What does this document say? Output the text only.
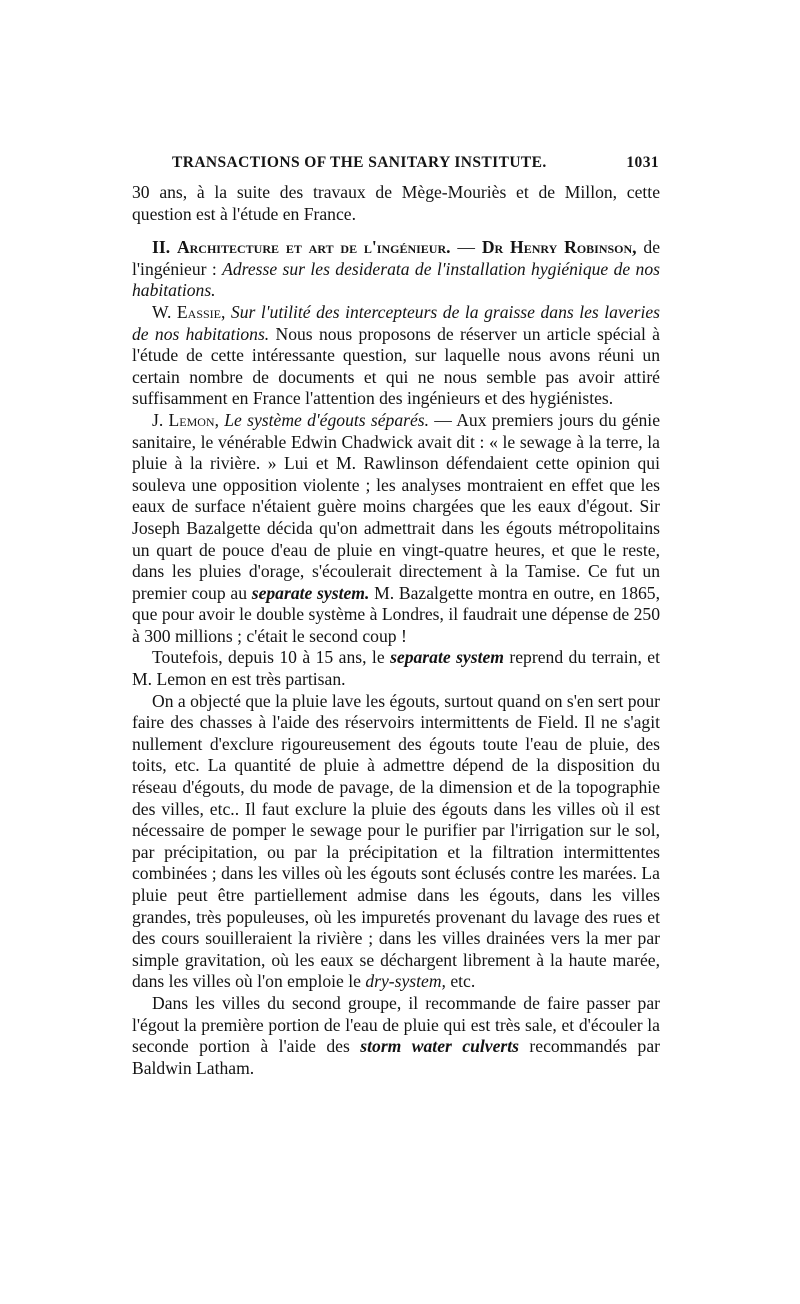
TRANSACTIONS OF THE SANITARY INSTITUTE.	1031

30 ans, à la suite des travaux de Mège-Mouriès et de Millon, cette question est à l'étude en France.

II. Architecture et art de l'ingénieur. — Dr Henry Robinson, de l'ingénieur : Adresse sur les desiderata de l'installation hygiénique de nos habitations.

W. Eassie, Sur l'utilité des intercepteurs de la graisse dans les laveries de nos habitations. Nous nous proposons de réserver un article spécial à l'étude de cette intéressante question, sur laquelle nous avons réuni un certain nombre de documents et qui ne nous semble pas avoir attiré suffisamment en France l'attention des ingénieurs et des hygiénistes.

J. Lemon, Le système d'égouts séparés. — Aux premiers jours du génie sanitaire, le vénérable Edwin Chadwick avait dit : « le sewage à la terre, la pluie à la rivière. » Lui et M. Rawlinson défendaient cette opinion qui souleva une opposition violente ; les analyses montraient en effet que les eaux de surface n'étaient guère moins chargées que les eaux d'égout. Sir Joseph Bazalgette décida qu'on admettrait dans les égouts métropolitains un quart de pouce d'eau de pluie en vingt-quatre heures, et que le reste, dans les pluies d'orage, s'écoulerait directement à la Tamise. Ce fut un premier coup au separate system. M. Bazalgette montra en outre, en 1865, que pour avoir le double système à Londres, il faudrait une dépense de 250 à 300 millions ; c'était le second coup !

Toutefois, depuis 10 à 15 ans, le separate system reprend du terrain, et M. Lemon en est très partisan.

On a objecté que la pluie lave les égouts, surtout quand on s'en sert pour faire des chasses à l'aide des réservoirs intermittents de Field. Il ne s'agit nullement d'exclure rigoureusement des égouts toute l'eau de pluie, des toits, etc. La quantité de pluie à admettre dépend de la disposition du réseau d'égouts, du mode de pavage, de la dimension et de la topographie des villes, etc.. Il faut exclure la pluie des égouts dans les villes où il est nécessaire de pomper le sewage pour le purifier par l'irrigation sur le sol, par précipitation, ou par la précipitation et la filtration intermittentes combinées ; dans les villes où les égouts sont éclusés contre les marées. La pluie peut être partiellement admise dans les égouts, dans les villes grandes, très populeuses, où les impuretés provenant du lavage des rues et des cours souilleraient la rivière ; dans les villes drainées vers la mer par simple gravitation, où les eaux se déchargent librement à la haute marée, dans les villes où l'on emploie le dry-system, etc.

Dans les villes du second groupe, il recommande de faire passer par l'égout la première portion de l'eau de pluie qui est très sale, et d'écouler la seconde portion à l'aide des storm water culverts recommandés par Baldwin Latham.
